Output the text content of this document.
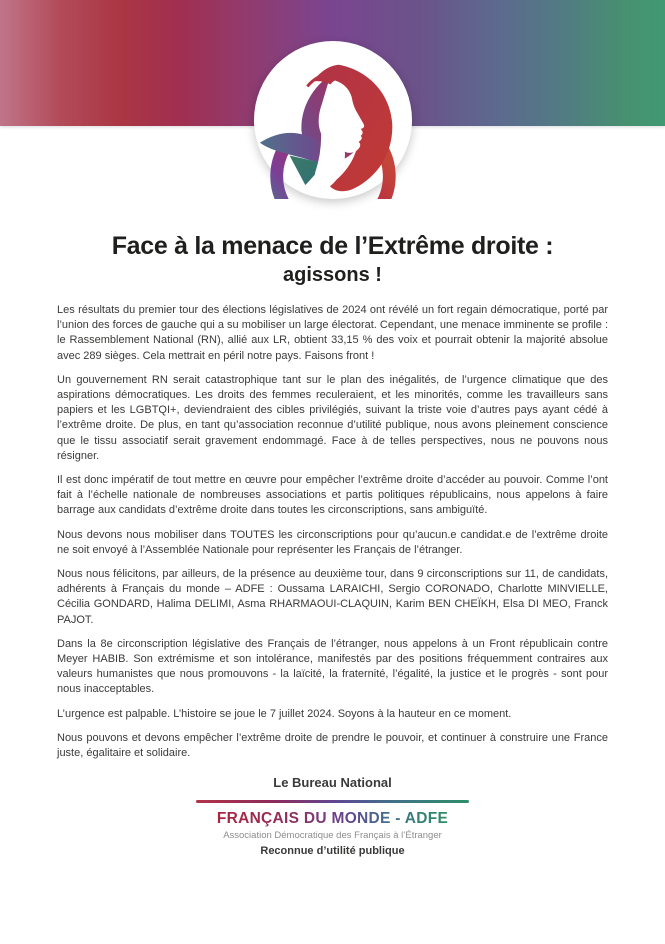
Face à la menace de l’Extrême droite :
agissons !

Les résultats du premier tour des élections législatives de 2024 ont révélé un fort regain démocratique, porté par l’union des forces de gauche qui a su mobiliser un large électorat. Cependant, une menace imminente se profile : le Rassemblement National (RN), allié aux LR, obtient 33,15 % des voix et pourrait obtenir la majorité absolue avec 289 sièges. Cela mettrait en péril notre pays. Faisons front !

Un gouvernement RN serait catastrophique tant sur le plan des inégalités, de l’urgence climatique que des aspirations démocratiques. Les droits des femmes reculeraient, et les minorités, comme les travailleurs sans papiers et les LGBTQI+, deviendraient des cibles privilégiés, suivant la triste voie d’autres pays ayant cédé à l’extrême droite. De plus, en tant qu’association reconnue d’utilité publique, nous avons pleinement conscience que le tissu associatif serait gravement endommagé. Face à de telles perspectives, nous ne pouvons nous résigner.

Il est donc impératif de tout mettre en œuvre pour empêcher l’extrême droite d’accéder au pouvoir. Comme l’ont fait à l’échelle nationale de nombreuses associations et partis politiques républicains, nous appelons à faire barrage aux candidats d’extrême droite dans toutes les circonscriptions, sans ambiguïté.

Nous devons nous mobiliser dans TOUTES les circonscriptions pour qu’aucun.e candidat.e de l’extrême droite ne soit envoyé à l’Assemblée Nationale pour représenter les Français de l’étranger.

Nous nous félicitons, par ailleurs, de la présence au deuxième tour, dans 9 circonscriptions sur 11, de candidats, adhérents à Français du monde – ADFE : Oussama LARAICHI, Sergio CORONADO, Charlotte MINVIELLE, Cécilia GONDARD, Halima DELIMI, Asma RHARMAOUI-CLAQUIN, Karim BEN CHEÏKH, Elsa DI MEO, Franck PAJOT.

Dans la 8e circonscription législative des Français de l’étranger, nous appelons à un Front républicain contre Meyer HABIB. Son extrémisme et son intolérance, manifestés par des positions fréquemment contraires aux valeurs humanistes que nous promouvons - la laïcité, la fraternité, l’égalité, la justice et le progrès - sont pour nous inacceptables.

L’urgence est palpable. L’histoire se joue le 7 juillet 2024. Soyons à la hauteur en ce moment.

Nous pouvons et devons empêcher l’extrême droite de prendre le pouvoir, et continuer à construire une France juste, égalitaire et solidaire.

Le Bureau National
FRANÇAIS DU MONDE - ADFE
Association Démocratique des Français à l’Étranger
Reconnue d’utilité publique
